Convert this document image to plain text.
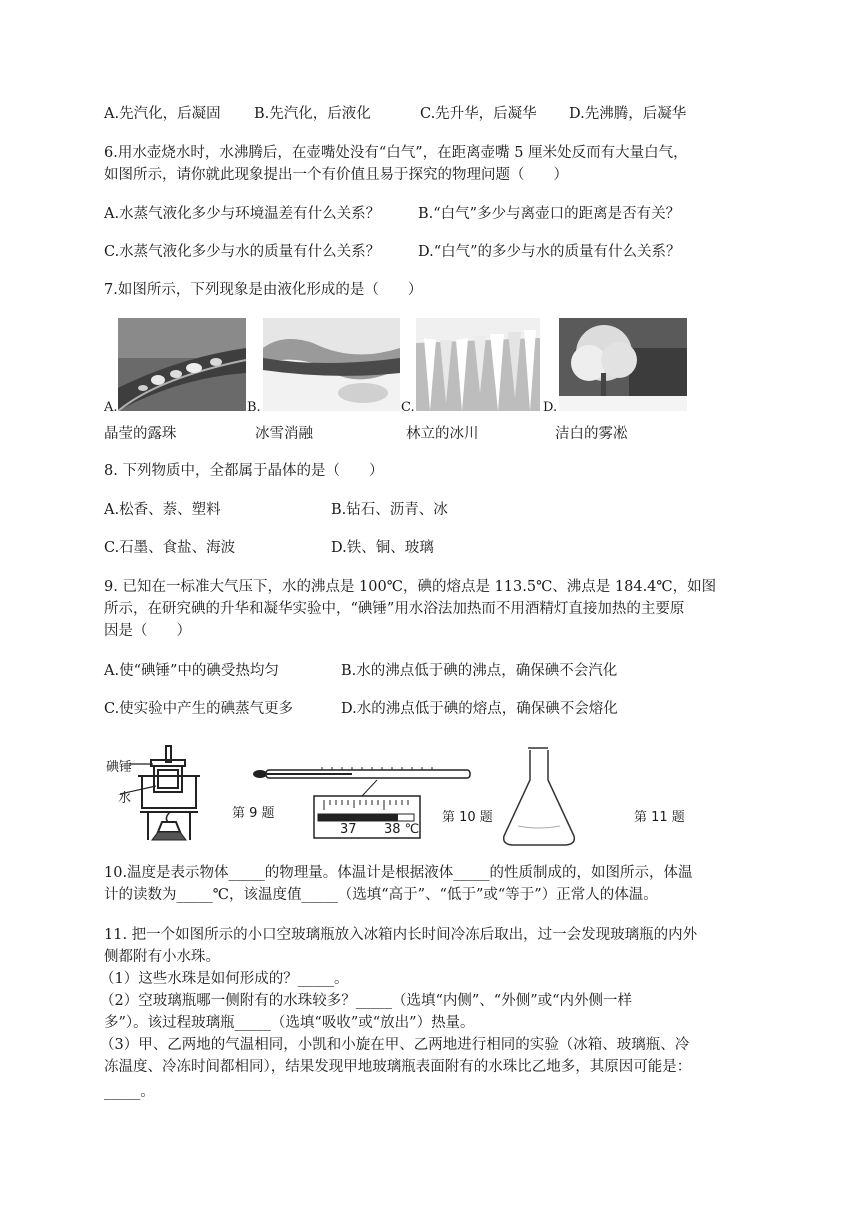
A.先汽化，后凝固 B.先汽化，后液化	C.先升华，后凝华 D.先沸腾，后凝华
6.用水壶烧水时，水沸腾后，在壶嘴处没有“白气”，在距离壶嘴 5 厘米处反而有大量白气，
如图所示，请你就此现象提出一个有价值且易于探究的物理问题（　　）
A.水蒸气液化多少与环境温差有什么关系？	B.“白气”多少与离壶口的距离是否有关？
C.水蒸气液化多少与水的质量有什么关系？	D.“白气”的多少与水的质量有什么关系？
7.如图所示，下列现象是由液化形成的是（　　）
A.
晶莹的露珠
B.
冰雪消融
C.
林立的冰川
D.
洁白的雾凇
8. 下列物质中，全都属于晶体的是（　　）
A.松香、萘、塑料	B.钻石、沥青、冰
C.石墨、食盐、海波	D.铁、铜、玻璃
9. 已知在一标准大气压下，水的沸点是 100℃，碘的熔点是 113.5℃、沸点是 184.4℃，如图
所示，在研究碘的升华和凝华实验中，“碘锤”用水浴法加热而不用酒精灯直接加热的主要原
因是（　　）
A.使“碘锤”中的碘受热均匀	B.水的沸点低于碘的沸点，确保碘不会汽化
C.使实验中产生的碘蒸气更多	D.水的沸点低于碘的熔点，确保碘不会熔化
碘锤
水
第 9 题
37 38 ℃
第 10 题	第 11 题
10.温度是表示物体_____的物理量。体温计是根据液体_____的性质制成的，如图所示，体温
计的读数为_____℃，该温度值_____（选填“高于”、“低于”或“等于”）正常人的体温。
11. 把一个如图所示的小口空玻璃瓶放入冰箱内长时间冷冻后取出，过一会发现玻璃瓶的内外
侧都附有小水珠。
（1）这些水珠是如何形成的？_____。
（2）空玻璃瓶哪一侧附有的水珠较多？_____（选填“内侧”、“外侧”或“内外侧一样
多”）。该过程玻璃瓶_____（选填“吸收”或“放出”）热量。
（3）甲、乙两地的气温相同，小凯和小旋在甲、乙两地进行相同的实验（冰箱、玻璃瓶、冷
冻温度、冷冻时间都相同），结果发现甲地玻璃瓶表面附有的水珠比乙地多，其原因可能是：
_____。
